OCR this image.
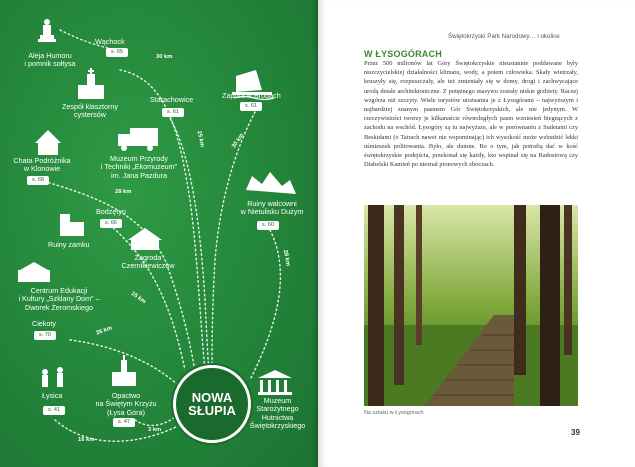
Wąchock
Aleja Humoru
i pomnik sołtysa
Zespół klasztorny
cystersów
Starachowice	Zapora w Brodach
Muzeum Przyrody
i Techniki „Ekomuzeum”
im. Jana Pazdura
Chata Podróżnika
w Klonowie
Ruiny walcowni
w Nietulisku Dużym
Bodzętyn
Ruiny zamku
Zagroda
Czernikiewiczów
Centrum Edukacji
i Kultury „Szklany Dom” –
Dworek Żeromskiego
Ciekoty
Łysica	Opactwo
na Świętym Krzyżu
(Łysa Góra)
Muzeum
Starożytnego
Hutnictwa
Świętokrzyskiego
s. 65
s. 61
s. 61
s. 68
s. 66	s. 60
s. 70
s. 41
s. 47
30 km
25 km	30 km
28 km
28 km
15 km
26 km
16 km
3 km
NOWA
SŁUPIA
Świętokrzyski Park Narodowy… i okolice
W ŁYSOGÓRACH
Przez 500 milionów lat Góry Świętokrzyskie nieustannie poddawane były niszczycielskiej działalności klimatu, wody, a potem człowieka. Skały wietrzały, kruszyły się, rozpuszczały, ale też zmieniały się w domy, drogi i zachwycające urodą detale architektoniczne. Z potężnego masywu zostały niskie grzbiety. Raczej wzgórza niż szczyty. Wiele turystów utożsamia je z Łysogórami – najwyższym i najbardziej znanym pasmem Gór Świętokrzyskich, ale nie jedynym. W rzeczywistości tworzy je kilkanaście równoległych pasm wzniesień biegnących z zachodu na wschód. Łysogóry są tu najwyższe, ale w porównaniu z Sudetami czy Beskidami (o Tatrach nawet nie wspominając) ich wysokość może wzbudzić lekki uśmieszek politowania. Było, ale dumne. Bo o tym, jak potrafią dać w kość świętokrzyskie podejścia, przekonał się każdy, kto wspinał się na Radostową czy Diabelski Kamień po nieznal pionowych zboczach.
Na szlaku w Łysogórach
39
